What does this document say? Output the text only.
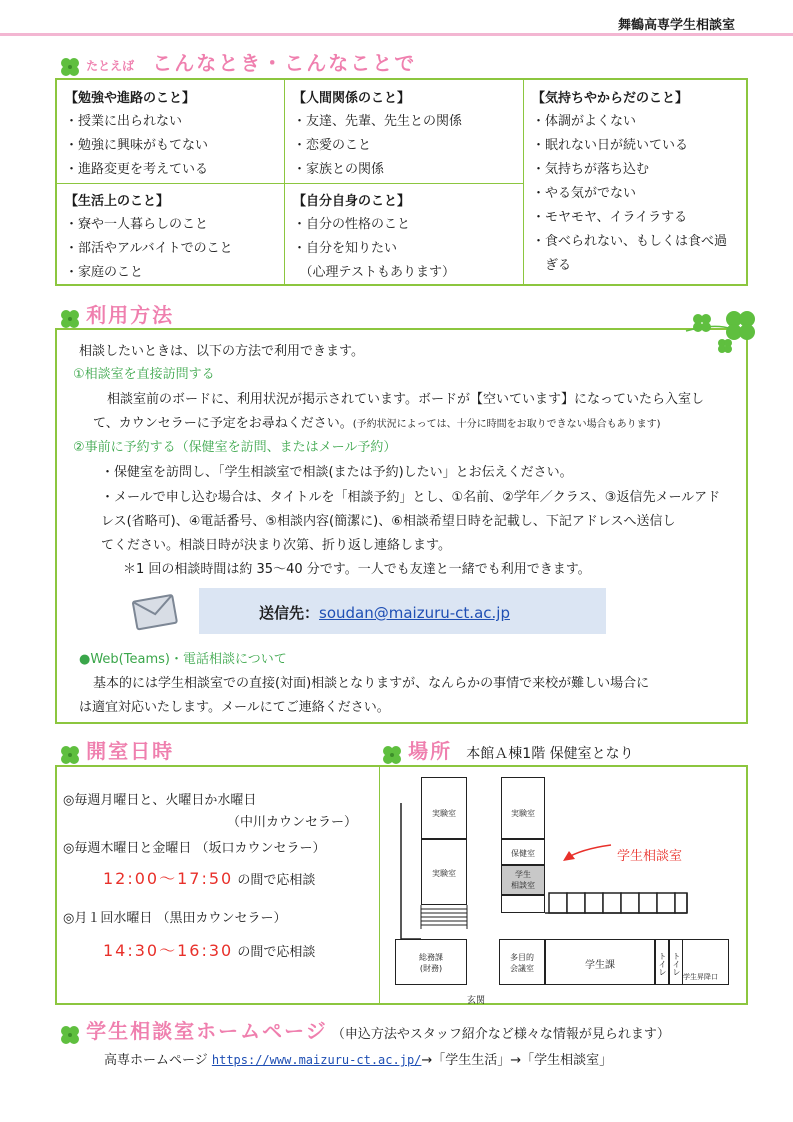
舞鶴高専学生相談室
たとえば こんなとき・こんなことで
【勉強や進路のこと】
・授業に出られない
・勉強に興味がもてない
・進路変更を考えている
【人間関係のこと】
・友達、先輩、先生との関係
・恋愛のこと
・家族との関係
【気持ちやからだのこと】
・体調がよくない
・眠れない日が続いている
・気持ちが落ち込む
・やる気がでない
・モヤモヤ、イライラする
・食べられない、もしくは食べ過
　ぎる
【生活上のこと】
・寮や一人暮らしのこと
・部活やアルバイトでのこと
・家庭のこと
【自分自身のこと】
・自分の性格のこと
・自分を知りたい
　（心理テストもあります）
利用方法
相談したいときは、以下の方法で利用できます。
①相談室を直接訪問する
相談室前のボードに、利用状況が掲示されています。ボードが【空いています】になっていたら入室し
て、カウンセラーに予定をお尋ねください。(予約状況によっては、十分に時間をお取りできない場合もあります)
②事前に予約する（保健室を訪問、またはメール予約）
・保健室を訪問し、「学生相談室で相談(または予約)したい」とお伝えください。
・メールで申し込む場合は、タイトルを「相談予約」とし、①名前、②学年／クラス、③返信先メールアド
レス(省略可)、④電話番号、⑤相談内容(簡潔に)、⑥相談希望日時を記載し、下記アドレスへ送信し
てください。相談日時が決まり次第、折り返し連絡します。
＊1 回の相談時間は約 35～40 分です。一人でも友達と一緒でも利用できます。
送信先：soudan@maizuru-ct.ac.jp
●Web(Teams)・電話相談について
基本的には学生相談室での直接(対面)相談となりますが、なんらかの事情で来校が難しい場合に
は適宜対応いたします。メールにてご連絡ください。
開室日時	場所 本館Ａ棟1階 保健室となり
◎毎週月曜日と、火曜日か水曜日
（中川カウンセラー）
◎毎週木曜日と金曜日 （坂口カウンセラー）
12:00～17:50 の間で応相談
◎月１回水曜日 （黒田カウンセラー）
14:30～16:30 の間で応相談
実験室
実験室
実験室
保健室
学生
相談室
総務課
(財務)
多目的
会議室	学生課	トイレ トイレ
学生昇降口
玄関
学生相談室
学生相談室ホームページ （申込方法やスタッフ紹介など様々な情報が見られます）
高専ホームページ https://www.maizuru-ct.ac.jp/→「学生生活」→「学生相談室」
